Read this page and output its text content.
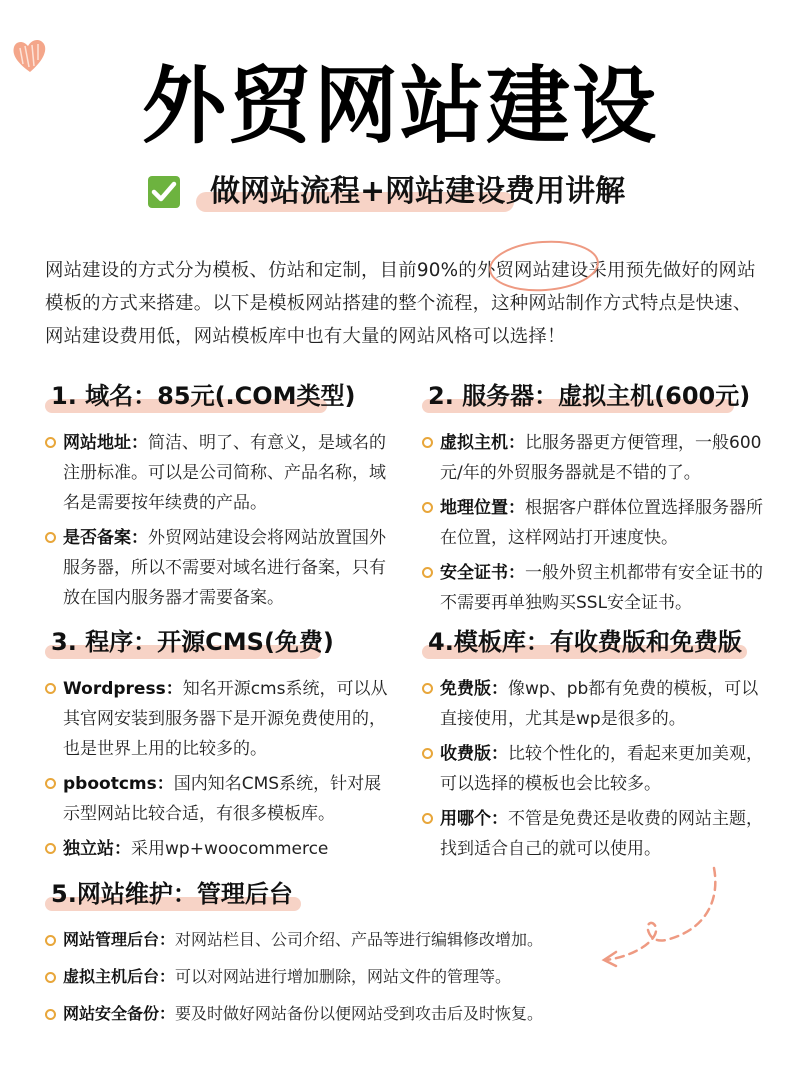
外贸网站建设
做网站流程+网站建设费用讲解

网站建设的方式分为模板、仿站和定制，目前90%的外贸网站建设采用预先做好的网站模板的方式来搭建。以下是模板网站搭建的整个流程，这种网站制作方式特点是快速、网站建设费用低，网站模板库中也有大量的网站风格可以选择！

1. 域名：85元(.COM类型)
网站地址：简洁、明了、有意义，是域名的注册标准。可以是公司简称、产品名称，域名是需要按年续费的产品。
是否备案：外贸网站建设会将网站放置国外服务器，所以不需要对域名进行备案，只有放在国内服务器才需要备案。
2. 服务器：虚拟主机(600元)
虚拟主机：比服务器更方便管理，一般600元/年的外贸服务器就是不错的了。
地理位置：根据客户群体位置选择服务器所在位置，这样网站打开速度快。
安全证书：一般外贸主机都带有安全证书的不需要再单独购买SSL安全证书。
3. 程序：开源CMS(免费)
Wordpress：知名开源cms系统，可以从其官网安装到服务器下是开源免费使用的，也是世界上用的比较多的。
pbootcms：国内知名CMS系统，针对展示型网站比较合适，有很多模板库。
独立站：采用wp+woocommerce
4.模板库：有收费版和免费版
免费版：像wp、pb都有免费的模板，可以直接使用，尤其是wp是很多的。
收费版：比较个性化的，看起来更加美观，可以选择的模板也会比较多。
用哪个：不管是免费还是收费的网站主题，找到适合自己的就可以使用。
5.网站维护：管理后台
网站管理后台：对网站栏目、公司介绍、产品等进行编辑修改增加。
虚拟主机后台：可以对网站进行增加删除，网站文件的管理等。
网站安全备份：要及时做好网站备份以便网站受到攻击后及时恢复。
